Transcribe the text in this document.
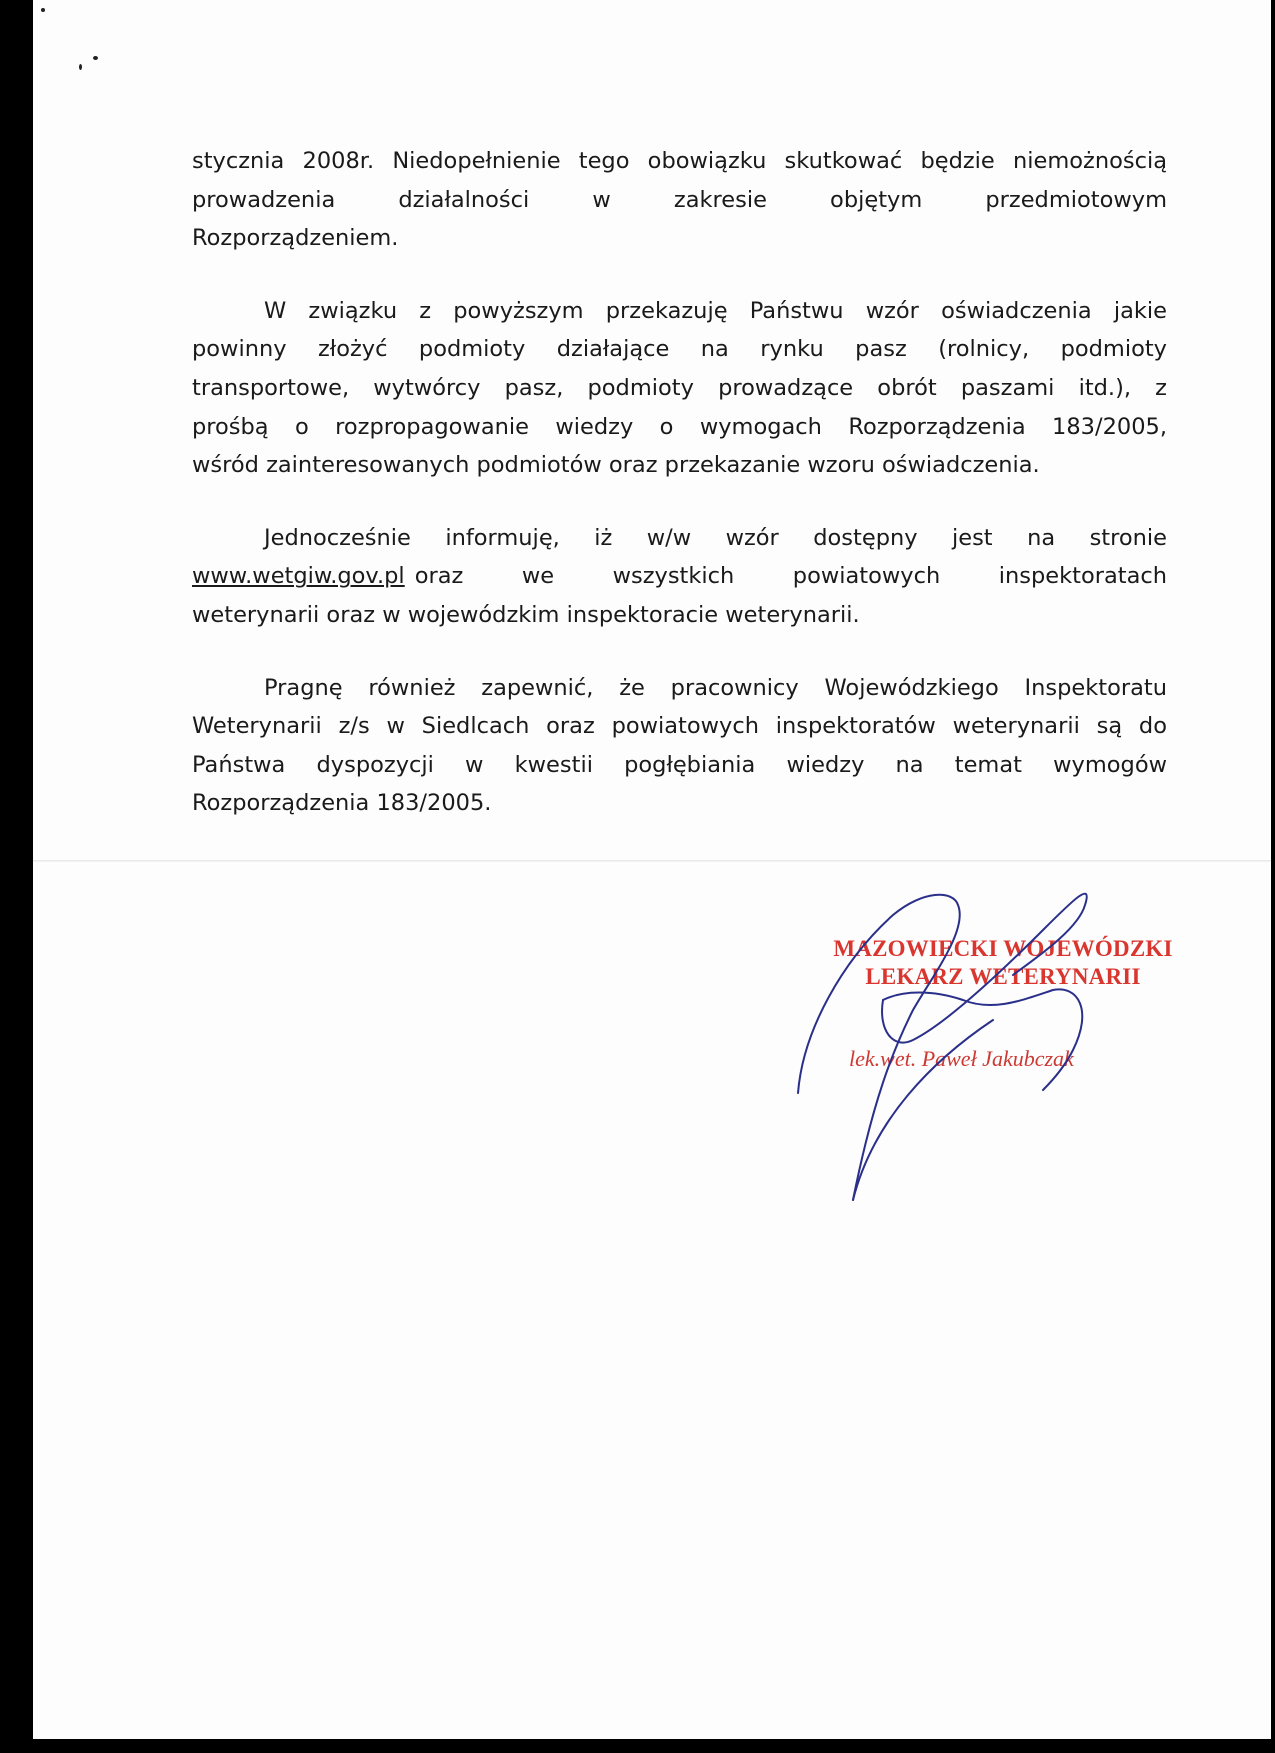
stycznia 2008r. Niedopełnienie tego obowiązku skutkować będzie niemożnością
prowadzenia działalności w zakresie objętym przedmiotowym
Rozporządzeniem.
W związku z powyższym przekazuję Państwu wzór oświadczenia jakie
powinny złożyć podmioty działające na rynku pasz (rolnicy, podmioty
transportowe, wytwórcy pasz, podmioty prowadzące obrót paszami itd.), z
prośbą o rozpropagowanie wiedzy o wymogach Rozporządzenia 183/2005,
wśród zainteresowanych podmiotów oraz przekazanie wzoru oświadczenia.
Jednocześnie informuję, iż w/w wzór dostępny jest na stronie
www.wetgiw.gov.pl oraz we wszystkich powiatowych inspektoratach
weterynarii oraz w wojewódzkim inspektoracie weterynarii.
Pragnę również zapewnić, że pracownicy Wojewódzkiego Inspektoratu
Weterynarii z/s w Siedlcach oraz powiatowych inspektoratów weterynarii są do
Państwa dyspozycji w kwestii pogłębiania wiedzy na temat wymogów
Rozporządzenia 183/2005.
MAZOWIECKI WOJEWÓDZKI
LEKARZ WETERYNARII
lek.wet. Paweł Jakubczak
